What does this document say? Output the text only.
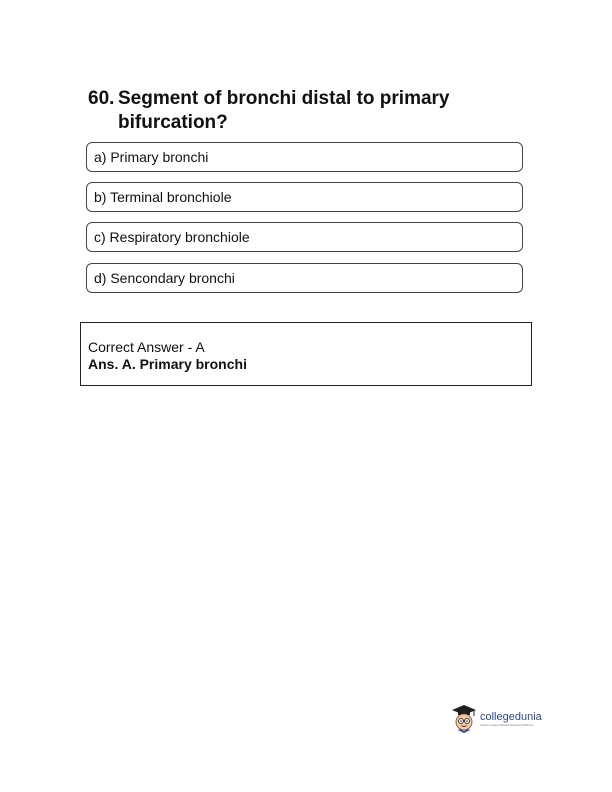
60. Segment of bronchi distal to primary bifurcation?
a) Primary bronchi
b) Terminal bronchiole
c) Respiratory bronchiole
d) Sencondary bronchi
Correct Answer - A
Ans. A. Primary bronchi
collegedunia
India's Largest Student Review Platform
